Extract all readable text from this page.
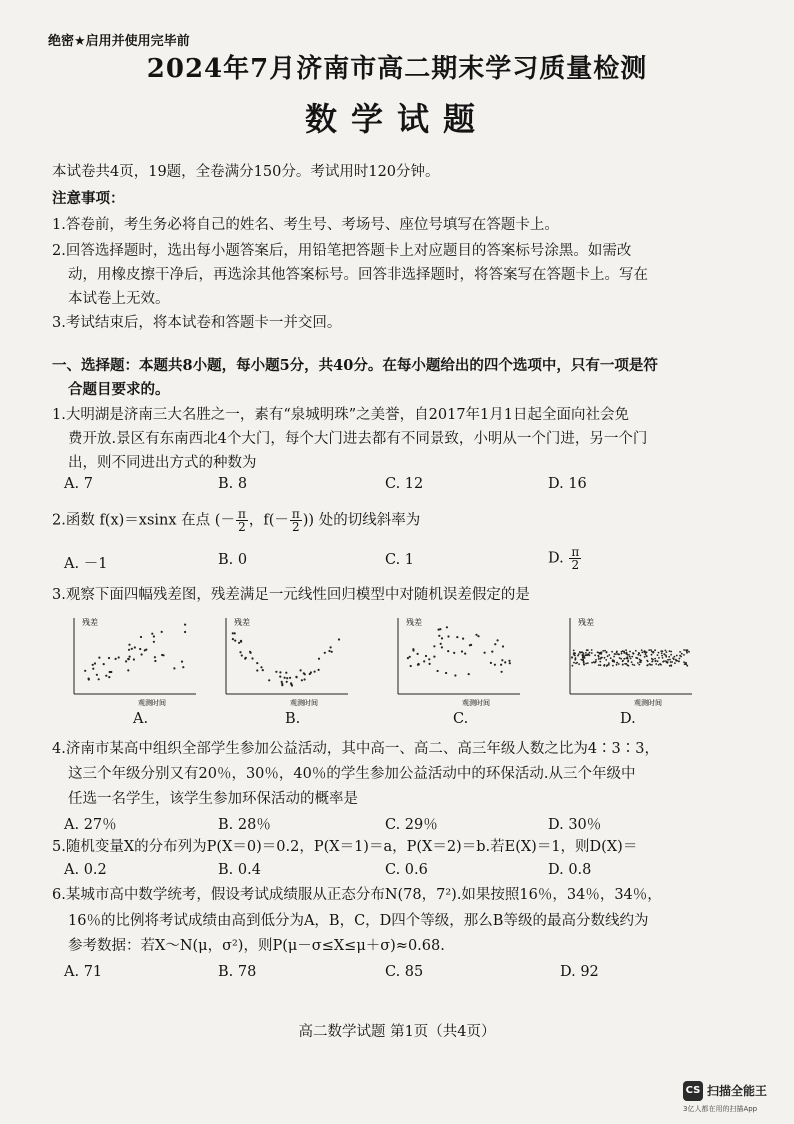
绝密★启用并使用完毕前
2024年7月济南市高二期末学习质量检测
数学试题
本试卷共4页，19题，全卷满分150分。考试用时120分钟。
注意事项：
1.答卷前，考生务必将自己的姓名、考生号、考场号、座位号填写在答题卡上。
2.回答选择题时，选出每小题答案后，用铅笔把答题卡上对应题目的答案标号涂黑。如需改
动，用橡皮擦干净后，再选涂其他答案标号。回答非选择题时，将答案写在答题卡上。写在
本试卷上无效。
3.考试结束后，将本试卷和答题卡一并交回。
一、选择题：本题共8小题，每小题5分，共40分。在每小题给出的四个选项中，只有一项是符
合题目要求的。
1.大明湖是济南三大名胜之一，素有“泉城明珠”之美誉，自2017年1月1日起全面向社会免
费开放.景区有东南西北4个大门，每个大门进去都有不同景致，小明从一个门进，另一个门
出，则不同进出方式的种数为
A. 7	B. 8	C. 12	D. 16
2.函数 f(x)＝xsinx 在点 (－ $\frac{\pi}{2}$ ，$f(- \frac{\pi}{2}$ )) 处的切线斜率为
A. －1	B. 0	C. 1	D. $\frac{\pi}{2}$
3.观察下面四幅残差图，残差满足一元线性回归模型中对随机误差假定的是
残差
观测时间
残差
观测时间
残差
观测时间
残差
观测时间
A.	B.	C.	D.
4.济南市某高中组织全部学生参加公益活动，其中高一、高二、高三年级人数之比为4∶3∶3，
这三个年级分别又有20％，30％，40％的学生参加公益活动中的环保活动.从三个年级中
任选一名学生，该学生参加环保活动的概率是
A. 27％	B. 28％	C. 29％	D. 30％
5.随机变量X的分布列为P(X＝0)＝0.2，P(X＝1)＝a，P(X＝2)＝b.若E(X)＝1，则D(X)＝
A. 0.2	B. 0.4	C. 0.6	D. 0.8
6.某城市高中数学统考，假设考试成绩服从正态分布N(78，7²).如果按照16％，34％，34％，
16％的比例将考试成绩由高到低分为A，B，C，D四个等级，那么B等级的最高分数线约为
参考数据：若X～N(μ，σ²)，则P(μ－σ≤X≤μ＋σ)≈0.68.
A. 71	B. 78	C. 85	D. 92
高二数学试题 第1页（共4页）
CS 扫描全能王
3亿人都在用的扫描App
